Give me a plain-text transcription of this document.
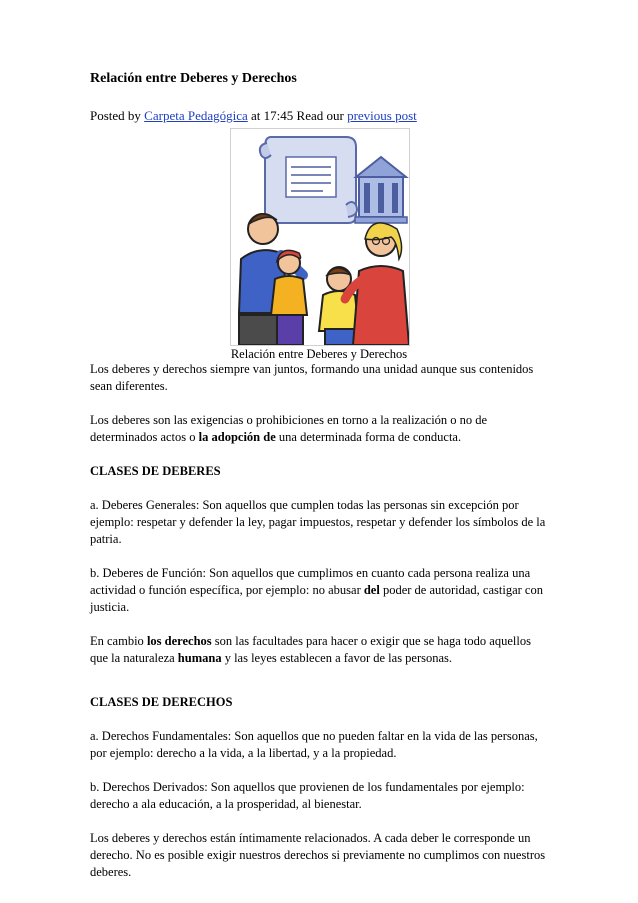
Relación entre Deberes y Derechos
Posted by Carpeta Pedagógica at 17:45 Read our previous post
Relación entre Deberes y Derechos

Los deberes y derechos siempre van juntos, formando una unidad aunque sus contenidos sean diferentes.

Los deberes son las exigencias o prohibiciones en torno a la realización o no de determinados actos o la adopción de una determinada forma de conducta.

CLASES DE DEBERES

a. Deberes Generales: Son aquellos que cumplen todas las personas sin excepción por ejemplo: respetar y defender la ley, pagar impuestos, respetar y defender los símbolos de la patria.

b. Deberes de Función: Son aquellos que cumplimos en cuanto cada persona realiza una actividad o función específica, por ejemplo: no abusar del poder de autoridad, castigar con justicia.

En cambio los derechos son las facultades para hacer o exigir que se haga todo aquellos que la naturaleza humana y las leyes establecen a favor de las personas.

CLASES DE DERECHOS

a. Derechos Fundamentales: Son aquellos que no pueden faltar en la vida de las personas, por ejemplo: derecho a la vida, a la libertad, y a la propiedad.

b. Derechos Derivados: Son aquellos que provienen de los fundamentales por ejemplo: derecho a ala educación, a la prosperidad, al bienestar.

Los deberes y derechos están íntimamente relacionados. A cada deber le corresponde un derecho. No es posible exigir nuestros derechos si previamente no cumplimos con nuestros deberes.
